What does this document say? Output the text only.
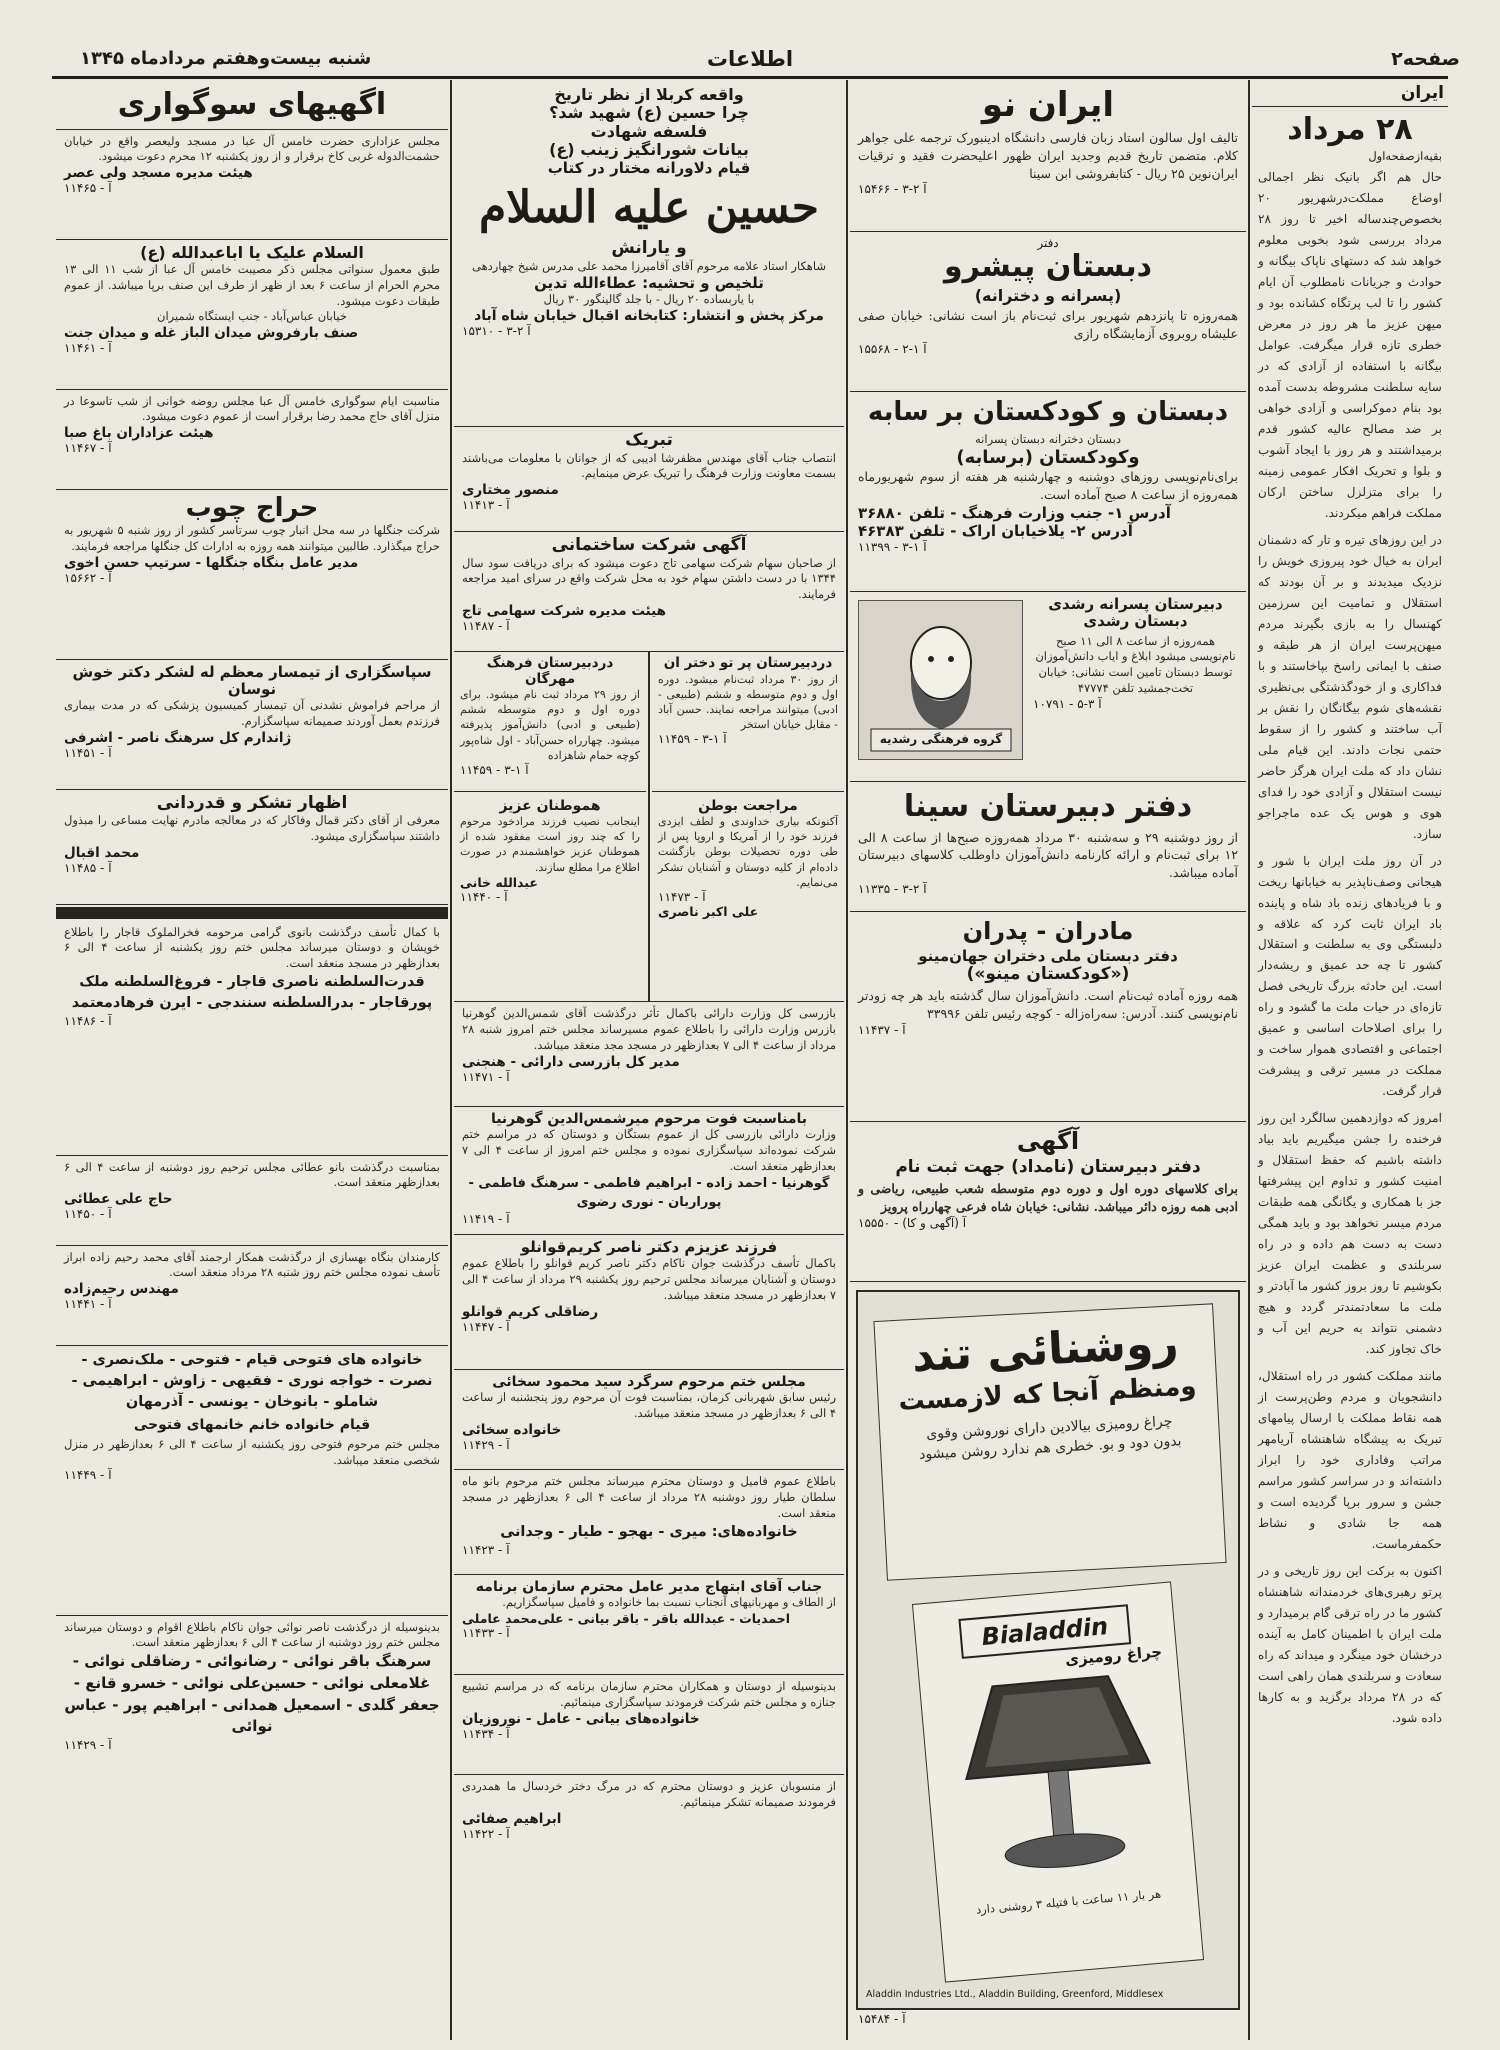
صفحه۲
اطلاعات
شنبه بیست‌وهفتم مرداد‌ماه ۱۳۴۵
ایران
۲۸ مرداد
بقیه‌از‌صفحه‌اول

حال هم اگر بانیک نظر اجمالی اوضاع مملکت‌در‌شهریور ۲۰ بخصوص‌چندساله اخیر تا روز ۲۸ مرداد بررسی شود بخوبی معلوم خواهد شد که دستهای ناپاک بیگانه و حوادث و جریانات نامطلوب آن ایام کشور را تا لب پرتگاه کشانده بود و میهن عزیز ما هر روز در معرض خطری تازه قرار میگرفت. عوامل بیگانه با استفاده از آزادی که در سایه سلطنت مشروطه بدست آمده بود بنام دموکراسی و آزادی خواهی بر ضد مصالح عالیه کشور قدم برمیداشتند و هر روز با ایجاد آشوب و بلوا و تحریک افکار عمومی زمینه را برای متزلزل ساختن ارکان مملکت فراهم میکردند.

در این روزهای تیره و تار که دشمنان ایران به خیال خود پیروزی خویش را نزدیک میدیدند و بر آن بودند که استقلال و تمامیت این سرزمین کهنسال را به بازی بگیرند مردم میهن‌پرست ایران از هر طبقه و صنف با ایمانی راسخ بپاخاستند و با فداکاری و از خودگذشتگی بی‌نظیری نقشه‌های شوم بیگانگان را نقش بر آب ساختند و کشور را از سقوط حتمی نجات دادند. این قیام ملی نشان داد که ملت ایران هرگز حاضر نیست استقلال و آزادی خود را فدای هوی و هوس یک عده ماجراجو سازد.

در آن روز ملت ایران با شور و هیجانی وصف‌ناپذیر به خیابانها ریخت و با فریادهای زنده باد شاه و پاینده باد ایران ثابت کرد که علاقه و دلبستگی وی به سلطنت و استقلال کشور تا چه حد عمیق و ریشه‌دار است. این حادثه بزرگ تاریخی فصل تازه‌ای در حیات ملت ما گشود و راه را برای اصلاحات اساسی و عمیق اجتماعی و اقتصادی هموار ساخت و مملکت در مسیر ترقی و پیشرفت قرار گرفت.

امروز که دوازدهمین سالگرد این روز فرخنده را جشن میگیریم باید بیاد داشته باشیم که حفظ استقلال و امنیت کشور و تداوم این پیشرفتها جز با همکاری و یگانگی همه طبقات مردم میسر نخواهد بود و باید همگی دست به دست هم داده و در راه سربلندی و عظمت ایران عزیز بکوشیم تا روز بروز کشور ما آبادتر و ملت ما سعادتمندتر گردد و هیچ دشمنی نتواند به حریم این آب و خاک تجاوز کند.

مانند مملکت کشور در راه استقلال، دانشجویان و مردم وطن‌پرست از همه نقاط مملکت با ارسال پیامهای تبریک به پیشگاه شاهنشاه آریامهر مراتب وفاداری خود را ابراز داشته‌اند و در سراسر کشور مراسم جشن و سرور برپا گردیده است و همه جا شادی و نشاط حکمفرماست.

اکنون به برکت این روز تاریخی و در پرتو رهبری‌های خردمندانه شاهنشاه کشور ما در راه ترقی گام برمیدارد و ملت ایران با اطمینان کامل به آینده درخشان خود مینگرد و میداند که راه سعادت و سربلندی همان راهی است که در ۲۸ مرداد برگزید و به کارها داده شود.

ایران نو
تالیف اول سالون استاد زبان فارسی دانشگاه ادینبورک ترجمه علی جواهر کلام. متضمن تاریخ قدیم وجدید ایران ظهور اعلیحضرت فقید و ترقیات ایران‌نوین ۲۵ ریال - کتابفروشی ابن سینا
۱۵۴۶۶ - آ ۲-۳
دفتر
دبستان پیشرو
(پسرانه و دخترانه)
همه‌روزه تا پانزدهم شهریور برای ثبت‌نام باز است نشانی: خیابان صفی علیشاه روبروی آزمایشگاه رازی
۱۵۵۶۸ - آ ۱-۲
دبستان و کودکستان بر سابه
دبستان دخترانه دبستان پسرانه
وکودکستان (برسابه)
برای‌نام‌نویسی روزهای دوشنبه و چهارشنبه هر هفته از سوم شهریورماه همه‌روزه از ساعت ۸ صبح آماده است.
آدرس ۱- جنب وزارت فرهنگ - تلفن ۳۶۸۸۰
آدرس ۲- یلاخیابان اراک - تلفن ۴۶۳۸۳
۱۱۳۹۹ - آ ۱-۳
گروه فرهنگی رشدیه
دبیرستان پسرانه رشدی
دبستان رشدی
همه‌روزه از ساعت ۸ الی ۱۱ صبح نام‌نویسی میشود ابلاغ و ایاب دانش‌آموزان توسط دبستان تامین است نشانی: خیابان تخت‌جمشید تلفن ۴۷۷۷۴
۱۰۷۹۱ - آ ۳-۵
دفتر دبیرستان سینا
از روز دوشنبه ۲۹ و سه‌شنبه ۳۰ مرداد همه‌روزه صبح‌ها از ساعت ۸ الی ۱۲ برای ثبت‌نام و ارائه کارنامه دانش‌آموزان داوطلب کلاسهای دبیرستان آماده میباشد.
۱۱۳۳۵ - آ ۲-۳
مادران - پدران
دفتر دبستان ملی دختران جهان‌مینو
(«کودکستان مینو»)
همه روزه آماده ثبت‌نام است. دانش‌آموزان سال گذشته باید هر چه زودتر نام‌نویسی کنند. آدرس: سه‌راه‌زاله - کوچه رئیس تلفن ۳۳۹۹۶
۱۱۴۳۷ - آ
آگهی
دفتر دبیرستان (نامداد) جهت ثبت نام
برای کلاسهای دوره اول و دوره دوم متوسطه شعب طبیعی، ریاضی و ادبی همه روزه دائر میباشد. نشانی: خیابان شاه فرعی چهارراه پرویز
۱۵۵۵۰ - آ (آگهی و کا)
روشنائی تند
ومنظم آنجا که لازمست
چراغ رومیزی بیالادین دارای نوروشن وقوی بدون دود و بو. خطری هم ندارد روشن میشود
Bialaddin
چراغ رومیزی
هر بار ۱۱ ساعت با فتیله ۳ روشنی دارد
Aladdin Industries Ltd., Aladdin Building, Greenford, Middlesex
۱۵۴۸۴ - آ
واقعه کربلا از نظر تاریخ
چرا حسین (ع) شهید شد؟
فلسفه شهادت
بیانات شورانگیز زینب (ع)
قیام دلاورانه مختار در کتاب
حسین علیه السلام
و یارانش
شاهکار استاد علامه مرحوم آقای آقامیرزا محمد علی مدرس شیخ چهاردهی
تلخیص و تحشیه: عطاءالله تدین
با یاربساده ۲۰ ریال - با جلد گالینگور ۳۰ ریال
مرکز پخش و انتشار: کتابخانه اقبال خیابان شاه آباد
۱۵۳۱۰ - آ ۲-۳
تبریک
انتصاب جناب آقای مهندس مظفرشا ادیبی که از جوانان با معلومات می‌باشند بسمت معاونت وزارت فرهنگ را تبریک عرض مینمایم.
منصور مختاری
۱۱۴۱۳ - آ
آگهی شرکت ساختمانی
از صاحبان سهام شرکت سهامی تاج دعوت میشود که برای دریافت سود سال ۱۳۴۴ با در دست داشتن سهام خود به محل شرکت واقع در سرای امید مراجعه فرمایند.
هیئت مدیره شرکت سهامی تاج
۱۱۴۸۷ - آ
دردبیرستان پر تو دختر ان
از روز ۳۰ مرداد ثبت‌نام میشود. دوره اول و دوم متوسطه و ششم (طبیعی - ادبی) میتوانند مراجعه نمایند. حسن آباد - مقابل خیابان استخر
۱۱۴۵۹ - آ ۱-۳
دردبیرستان فرهنگ مهرگان
از روز ۲۹ مرداد ثبت نام میشود. برای دوره اول و دوم متوسطه ششم (طبیعی و ادبی) دانش‌آموز پذیرفته میشود. چهارراه حسن‌آباد - اول شاه‌پور کوچه حمام شاهزاده
۱۱۴۵۹ - آ ۱-۳
مراجعت بوطن
آکنونکه بیاری خداوندی و لطف ایزدی فرزند خود را از آمریکا و اروپا پس از طی دوره تحصیلات بوطن بازگشت داده‌ام از کلیه دوستان و آشنایان تشکر می‌نمایم.
۱۱۴۷۳ - آ
علی اکبر ناصری
هموطنان عزیز
اینجانب نصیب فرزند مرادخود مرحوم را که چند روز است مفقود شده از هموطنان عزیز خواهشمندم در صورت اطلاع مرا مطلع سازند.
عبدالله خانی
۱۱۴۴۰ - آ
بازرسی کل وزارت دارائی باکمال تأثر درگذشت آقای شمس‌الدین گوهرنیا بازرس وزارت دارائی را باطلاع عموم مسیرساند مجلس ختم امروز شنبه ۲۸ مرداد از ساعت ۴ الی ۷ بعدازظهر در مسجد مجد منعقد میباشد.
مدیر کل بازرسی دارائی - هنجنی
۱۱۴۷۱ - آ
بامناسبت فوت مرحوم میرشمس‌الدین گوهرنیا
وزارت دارائی بازرسی کل از عموم بستگان و دوستان که در مراسم ختم شرکت نموده‌اند سپاسگزاری نموده و مجلس ختم امروز از ساعت ۴ الی ۷ بعدازظهر منعقد است.
گوهرنیا - احمد زاده - ابراهیم فاطمی - سرهنگ فاطمی - پوراربان - نوری رضوی
۱۱۴۱۹ - آ
فرزند عزیزم دکتر ناصر کریم‌قوانلو
باکمال تأسف درگذشت جوان ناکام دکتر ناصر کریم قوانلو را باطلاع عموم دوستان و آشنایان میرساند مجلس ترحیم روز یکشنبه ۲۹ مرداد از ساعت ۴ الی ۷ بعدازظهر در مسجد منعقد میباشد.
رضاقلی کریم قوانلو
۱۱۴۴۷ - آ
مجلس ختم مرحوم سرگرد سید محمود سخائی
رئیس سابق شهربانی کرمان، بمناسبت فوت آن مرحوم روز پنجشنبه از ساعت ۴ الی ۶ بعدازظهر در مسجد منعقد میباشد.
خانواده سخائی
۱۱۴۲۹ - آ
باطلاع عموم فامیل و دوستان محترم میرساند مجلس ختم مرحوم بانو ماه سلطان طیار روز دوشنبه ۲۸ مرداد از ساعت ۴ الی ۶ بعدازظهر در مسجد منعقد است.
خانواده‌های: میری - بهجو - طیار - وجدانی
۱۱۴۲۳ - آ
جناب آقای ابتهاج مدیر عامل محترم سازمان برنامه
از الطاف و مهربانیهای آنجناب نسبت بما خانواده و فامیل سپاسگزاریم.
احمدیات - عبدالله باقر - باقر بیانی - علی‌محمد عاملی
۱۱۴۳۳ - آ
بدینوسیله از دوستان و همکاران محترم سازمان برنامه که در مراسم تشییع جنازه و مجلس ختم شرکت فرمودند سپاسگزاری مینمائیم.
خانواده‌های بیانی - عامل - نوروزیان
۱۱۴۳۴ - آ
از منسوبان عزیز و دوستان محترم که در مرگ دختر خردسال ما همدردی فرمودند صمیمانه تشکر مینمائیم.
ابراهیم صفائی
۱۱۴۲۲ - آ
اگهیهای سوگواری
مجلس عزاداری حضرت خامس آل عبا در مسجد ولیعصر واقع در خیابان حشمت‌الدوله غربی کاخ برقرار و از روز یکشنبه ۱۲ محرم دعوت میشود.
هیئت مدیره مسجد ولی عصر
۱۱۴۶۵ - آ
السلام علیک یا اباعبدالله (ع)
طبق معمول سنواتی مجلس ذکر مصیبت خامس آل عبا از شب ۱۱ الی ۱۳ محرم الحرام از ساعت ۶ بعد از ظهر از طرف این صنف برپا میباشد. از عموم طبقات دعوت میشود.
خیابان عباس‌آباد - جنب ایستگاه شمیران
صنف بارفروش میدان الباز غله و میدان جنت
۱۱۴۶۱ - آ
مناسبت ایام سوگواری خامس آل عبا مجلس روضه خوانی از شب تاسوعا در منزل آقای حاج محمد رضا برقرار است از عموم دعوت میشود.
هیئت عزاداران باغ صبا
۱۱۴۶۷ - آ
حراج چوب
شرکت جنگلها در سه محل انبار چوب سرتاسر کشور از روز شنبه ۵ شهریور به حراج میگذارد. طالبین میتوانند همه روزه به ادارات کل جنگلها مراجعه فرمایند.
مدیر عامل بنگاه جنگلها - سرتیپ حسن اخوی
۱۵۶۶۲ - آ
سپاسگزاری از تیمسار معظم له لشکر دکتر خوش نوسان
از مراحم فراموش نشدنی آن تیمسار کمیسیون پزشکی که در مدت بیماری فرزندم بعمل آوردند صمیمانه سپاسگزارم.
ژاندارم کل سرهنگ ناصر - اشرفی
۱۱۴۵۱ - آ
اظهار تشکر و قدردانی
معرفی از آقای دکتر قمال وفاکار که در معالجه مادرم نهایت مساعی را مبذول داشتند سپاسگزاری میشود.
محمد اقبال
۱۱۴۸۵ - آ
با کمال تأسف درگذشت بانوی گرامی مرحومه فخرالملوک قاجار را باطلاع خویشان و دوستان میرساند مجلس ختم روز یکشنبه از ساعت ۴ الی ۶ بعدازظهر در مسجد منعقد است.
قدرت‌السلطنه ناصری قاجار - فروغ‌السلطنه ملک پورقاجار - بدرالسلطنه سنندجی - ایرن فرهادمعتمد
۱۱۴۸۶ - آ
بمناسبت درگذشت بانو عطائی مجلس ترحیم روز دوشنبه از ساعت ۴ الی ۶ بعدازظهر منعقد است.
حاج علی عطائی
۱۱۴۵۰ - آ
کارمندان بنگاه بهسازی از درگذشت همکار ارجمند آقای محمد رحیم زاده ابراز تأسف نموده مجلس ختم روز شنبه ۲۸ مرداد منعقد است.
مهندس رحیم‌زاده
۱۱۴۴۱ - آ
خانواده های فتوحی قیام - فتوحی - ملک‌نصری - نصرت - خواجه نوری - فقیهی - زاوش - ابراهیمی - شاملو - بانوخان - یونسی - آذرمهان
قیام خانواده خانم خانمهای فتوحی
مجلس ختم مرحوم فتوحی روز یکشنبه از ساعت ۴ الی ۶ بعدازظهر در منزل شخصی منعقد میباشد.
۱۱۴۴۹ - آ
بدینوسیله از درگذشت ناصر نوائی جوان ناکام باطلاع اقوام و دوستان میرساند مجلس ختم روز دوشنبه از ساعت ۴ الی ۶ بعدازظهر منعقد است.
سرهنگ باقر نوائی - رضانوائی - رضاقلی نوائی - غلامعلی نوائی - حسین‌علی نوائی - خسرو قانع - جعفر گلدی - اسمعیل همدانی - ابراهیم پور - عباس نوائی
۱۱۴۲۹ - آ
